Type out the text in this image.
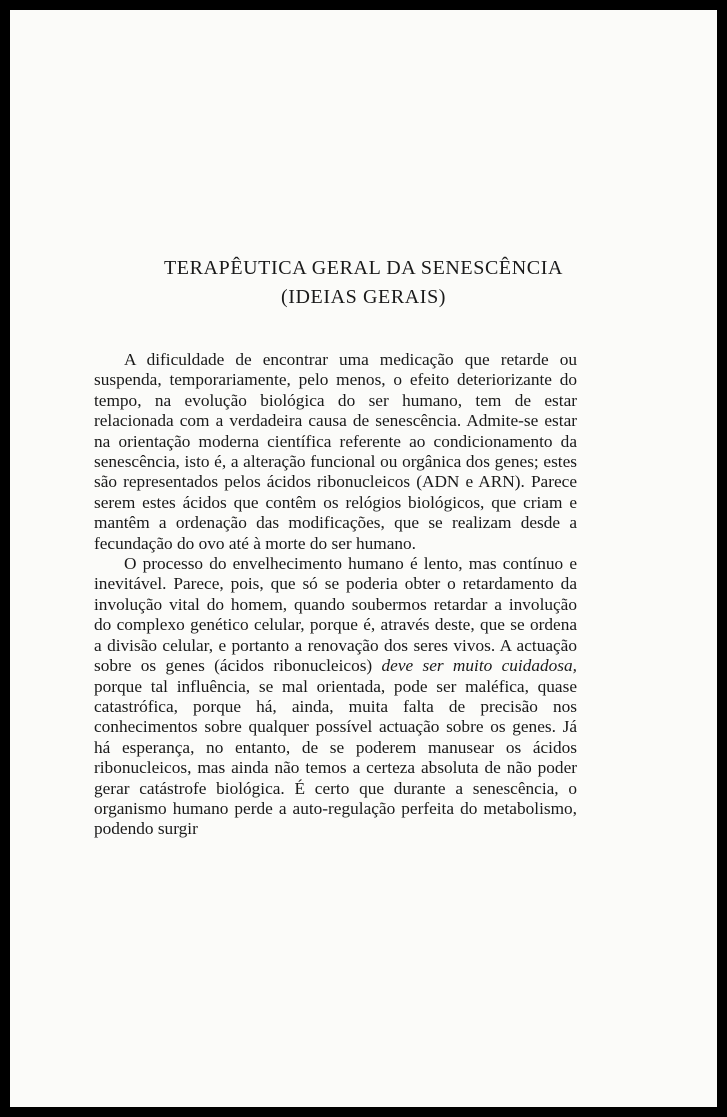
TERAPÊUTICA GERAL DA SENESCÊNCIA
(IDEIAS GERAIS)

A dificuldade de encontrar uma medicação que retarde ou suspenda, temporariamente, pelo menos, o efeito deteriorizante do tempo, na evolução biológica do ser humano, tem de estar relacionada com a verdadeira causa de senescência. Admite-se estar na orientação moderna científica referente ao condicionamento da senescência, isto é, a alteração funcional ou orgânica dos genes; estes são representados pelos ácidos ribonucleicos (ADN e ARN). Parece serem estes ácidos que contêm os relógios biológicos, que criam e mantêm a ordenação das modificações, que se realizam desde a fecundação do ovo até à morte do ser humano.

O processo do envelhecimento humano é lento, mas contínuo e inevitável. Parece, pois, que só se poderia obter o retardamento da involução vital do homem, quando soubermos retardar a involução do complexo genético celular, porque é, através deste, que se ordena a divisão celular, e portanto a renovação dos seres vivos. A actuação sobre os genes (ácidos ribonucleicos) deve ser muito cuidadosa, porque tal influência, se mal orientada, pode ser maléfica, quase catastrófica, porque há, ainda, muita falta de precisão nos conhecimentos sobre qualquer possível actuação sobre os genes. Já há esperança, no entanto, de se poderem manusear os ácidos ribonucleicos, mas ainda não temos a certeza absoluta de não poder gerar catástrofe biológica. É certo que durante a senescência, o organismo humano perde a auto-regulação perfeita do metabolismo, podendo surgir
